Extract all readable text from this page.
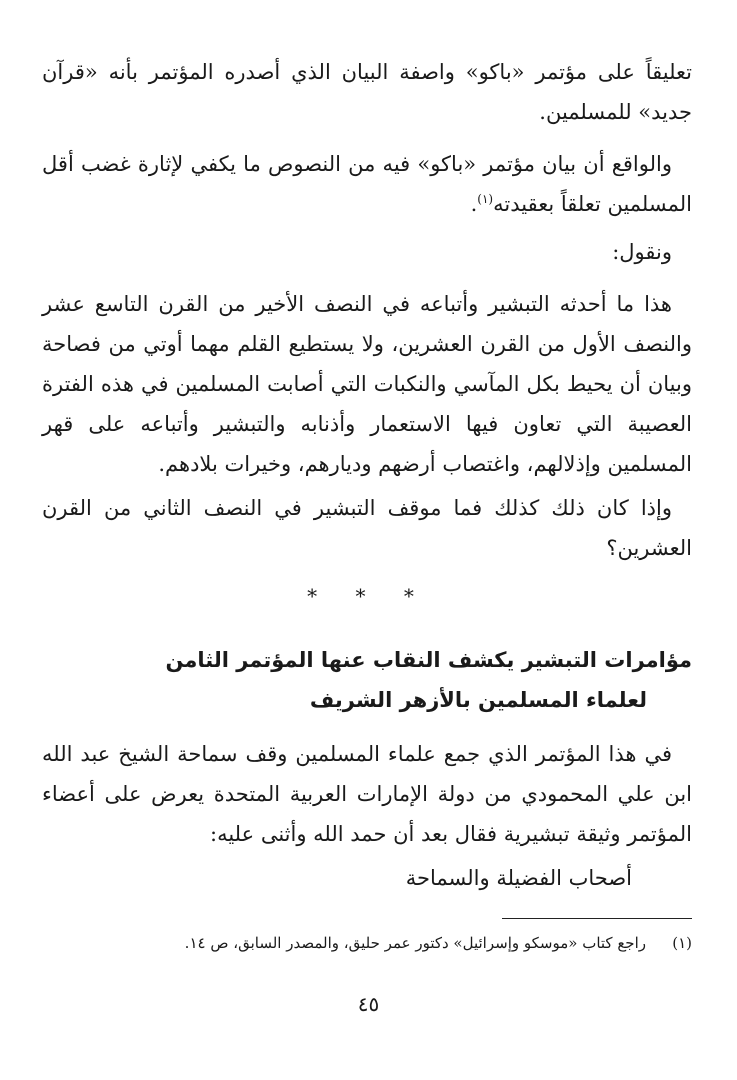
تعليقاً على مؤتمر «باكو» واصفة البيان الذي أصدره المؤتمر بأنه «قرآن جديد» للمسلمين.
والواقع أن بيان مؤتمر «باكو» فيه من النصوص ما يكفي لإثارة غضب أقل المسلمين تعلقاً بعقيدته$^{(١)}$.
ونقول:
هذا ما أحدثه التبشير وأتباعه في النصف الأخير من القرن التاسع عشر والنصف الأول من القرن العشرين، ولا يستطيع القلم مهما أوتي من فصاحة وبيان أن يحيط بكل المآسي والنكبات التي أصابت المسلمين في هذه الفترة العصيبة التي تعاون فيها الاستعمار وأذنابه والتبشير وأتباعه على قهر المسلمين وإذلالهم، واغتصاب أرضهم وديارهم، وخيرات بلادهم.
وإذا كان ذلك كذلك فما موقف التبشير في النصف الثاني من القرن العشرين؟
* * *
مؤامرات التبشير يكشف النقاب عنها المؤتمر الثامن
لعلماء المسلمين بالأزهر الشريف
في هذا المؤتمر الذي جمع علماء المسلمين وقف سماحة الشيخ عبد الله ابن علي المحمودي من دولة الإمارات العربية المتحدة يعرض على أعضاء المؤتمر وثيقة تبشيرية فقال بعد أن حمد الله وأثنى عليه:
أصحاب الفضيلة والسماحة
(١)راجع كتاب «موسكو وإسرائيل» دكتور عمر حليق، والمصدر السابق، ص ١٤.
٤٥
